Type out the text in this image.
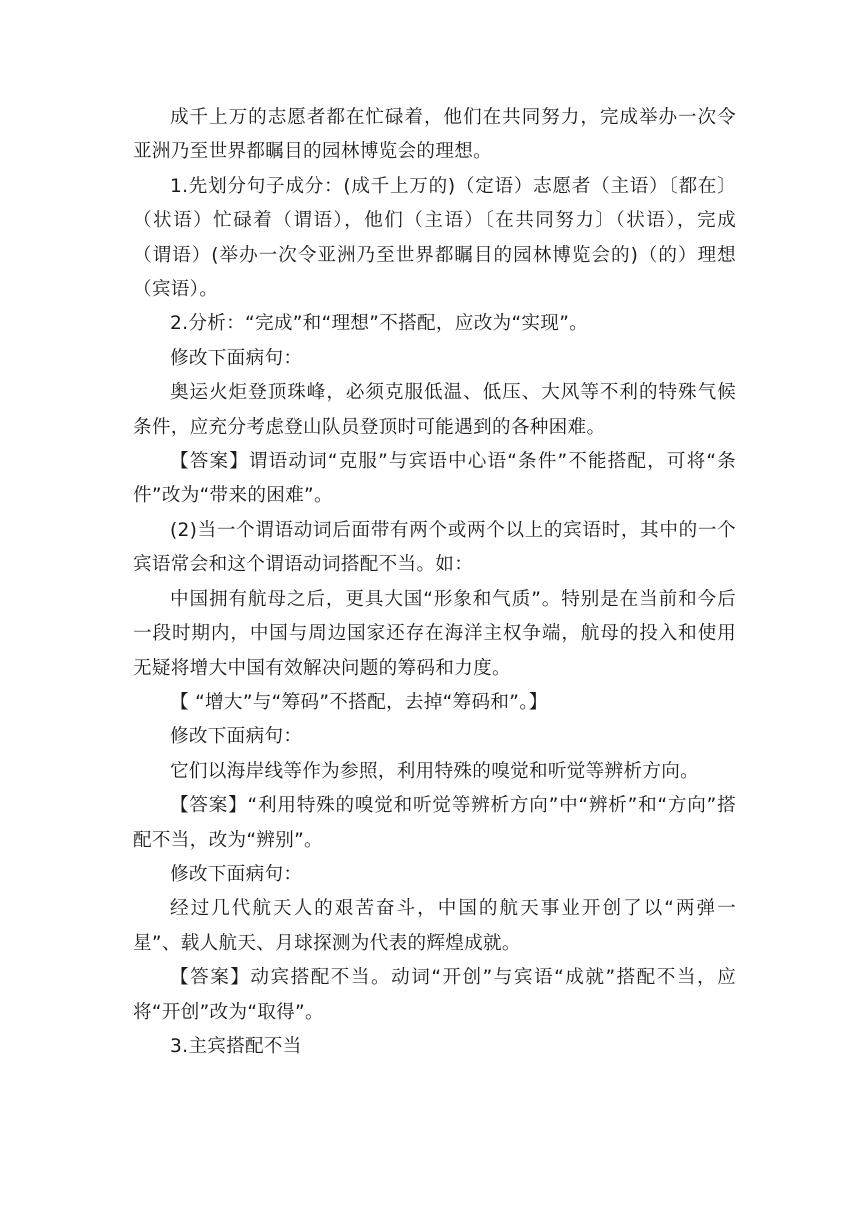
成千上万的志愿者都在忙碌着，他们在共同努力，完成举办一次令亚洲乃至世界都瞩目的园林博览会的理想。

1.先划分句子成分：(成千上万的)（定语）志愿者（主语）〔都在〕（状语）忙碌着（谓语），他们（主语）〔在共同努力〕（状语），完成（谓语）(举办一次令亚洲乃至世界都瞩目的园林博览会的)（的）理想（宾语）。

2.分析：“完成”和“理想”不搭配，应改为“实现”。

修改下面病句：

奥运火炬登顶珠峰，必须克服低温、低压、大风等不利的特殊气候条件，应充分考虑登山队员登顶时可能遇到的各种困难。

【答案】谓语动词“克服”与宾语中心语“条件”不能搭配，可将“条件”改为“带来的困难”。

(2)当一个谓语动词后面带有两个或两个以上的宾语时，其中的一个宾语常会和这个谓语动词搭配不当。如：

中国拥有航母之后，更具大国“形象和气质”。特别是在当前和今后一段时期内，中国与周边国家还存在海洋主权争端，航母的投入和使用无疑将增大中国有效解决问题的筹码和力度。

【 “增大”与“筹码”不搭配，去掉“筹码和”。】

修改下面病句：

它们以海岸线等作为参照，利用特殊的嗅觉和听觉等辨析方向。

【答案】“利用特殊的嗅觉和听觉等辨析方向”中“辨析”和“方向”搭配不当，改为“辨别”。

修改下面病句：

经过几代航天人的艰苦奋斗，中国的航天事业开创了以“两弹一星”、载人航天、月球探测为代表的辉煌成就。

【答案】动宾搭配不当。动词“开创”与宾语“成就”搭配不当，应将“开创”改为“取得”。

3.主宾搭配不当
